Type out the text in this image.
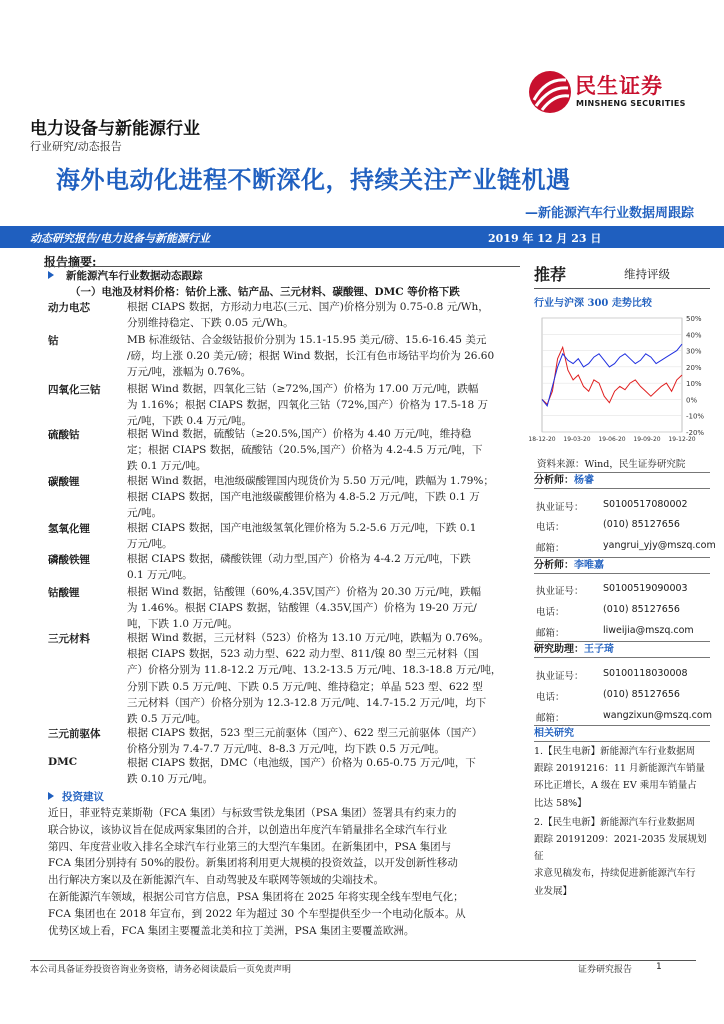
电力设备与新能源行业
行业研究/动态报告
民生证券
MINSHENG SECURITIES
海外电动化进程不断深化，持续关注产业链机遇
—新能源汽车行业数据周跟踪
动态研究报告/电力设备与新能源行业	2019 年 12 月 23 日
报告摘要:
新能源汽车行业数据动态跟踪
（一）电池及材料价格：钴价上涨、钴产品、三元材料、碳酸锂、DMC 等价格下跌
动力电芯	根据 CIAPS 数据，方形动力电芯(三元、国产)价格分别为 0.75-0.8 元/Wh，
分别维持稳定、下跌 0.05 元/Wh。
钴	MB 标准级钴、合金级钴报价分别为 15.1-15.95 美元/磅、15.6-16.45 美元
/磅，均上涨 0.20 美元/磅；根据 Wind 数据，长江有色市场钴平均价为 26.60
万元/吨，涨幅为 0.76%。
四氧化三钴	根据 Wind 数据，四氧化三钴（≥72%,国产）价格为 17.00 万元/吨，跌幅
为 1.16%；根据 CIAPS 数据，四氧化三钴（72%,国产）价格为 17.5-18 万
元/吨，下跌 0.4 万元/吨。
硫酸钴	根据 Wind 数据，硫酸钴（≥20.5%,国产）价格为 4.40 万元/吨，维持稳
定；根据 CIAPS 数据，硫酸钴（20.5%,国产）价格为 4.2-4.5 万元/吨，下
跌 0.1 万元/吨。
碳酸锂	根据 Wind 数据，电池级碳酸锂国内现货价为 5.50 万元/吨，跌幅为 1.79%；
根据 CIAPS 数据，国产电池级碳酸锂价格为 4.8-5.2 万元/吨，下跌 0.1 万
元/吨。
氢氧化锂	根据 CIAPS 数据，国产电池级氢氧化锂价格为 5.2-5.6 万元/吨，下跌 0.1
万元/吨。
磷酸铁锂	根据 CIAPS 数据，磷酸铁锂（动力型,国产）价格为 4-4.2 万元/吨，下跌
0.1 万元/吨。
钴酸锂	根据 Wind 数据，钴酸锂（60%,4.35V,国产）价格为 20.30 万元/吨，跌幅
为 1.46%。根据 CIAPS 数据，钴酸锂（4.35V,国产）价格为 19-20 万元/
吨，下跌 1.0 万元/吨。
三元材料	根据 Wind 数据，三元材料（523）价格为 13.10 万元/吨，跌幅为 0.76%。
根据 CIAPS 数据，523 动力型、622 动力型、811/镍 80 型三元材料（国
产）价格分别为 11.8-12.2 万元/吨、13.2-13.5 万元/吨、18.3-18.8 万元/吨，
分别下跌 0.5 万元/吨、下跌 0.5 万元/吨、维持稳定；单晶 523 型、622 型
三元材料（国产）价格分别为 12.3-12.8 万元/吨、14.7-15.2 万元/吨，均下
跌 0.5 万元/吨。
三元前驱体	根据 CIAPS 数据，523 型三元前驱体（国产）、622 型三元前驱体（国产）
价格分别为 7.4-7.7 万元/吨、8-8.3 万元/吨，均下跌 0.5 万元/吨。
DMC	根据 CIAPS 数据，DMC（电池级，国产）价格为 0.65-0.75 万元/吨，下
跌 0.10 万元/吨。
投资建议

近日，菲亚特克莱斯勒（FCA 集团）与标致雪铁龙集团（PSA 集团）签署具有约束力的

联合协议，该协议旨在促成两家集团的合并，以创造出年度汽车销量排名全球汽车行业

第四、年度营业收入排名全球汽车行业第三的大型汽车集团。在新集团中，PSA 集团与

FCA 集团分别持有 50%的股份。新集团将利用更大规模的投资效益，以开发创新性移动

出行解决方案以及在新能源汽车、自动驾驶及车联网等领域的尖端技术。

在新能源汽车领域，根据公司官方信息，PSA 集团将在 2025 年将实现全线车型电气化；

FCA 集团也在 2018 年宣布，到 2022 年为超过 30 个车型提供至少一个电动化版本。从

优势区域上看，FCA 集团主要覆盖北美和拉丁美洲，PSA 集团主要覆盖欧洲。

推荐	维持评级
行业与沪深 300 走势比较
50%
40%
30%
20%
10%
0%
-10%
-20%
18-12-20 19-03-20 19-06-20 19-09-20 19-12-20
资料来源：Wind，民生证券研究院
分析师：杨睿
执业证号： S0100517080002
电话：	(010) 85127656
邮箱：	yangrui_yjy@mszq.com
分析师：李唯嘉
执业证号： S0100519090003
电话：	(010) 85127656
邮箱：	liweijia@mszq.com
研究助理：王子琦
执业证号： S0100118030008
电话：	(010) 85127656
邮箱：	wangzixun@mszq.com
相关研究

1.【民生电新】新能源汽车行业数据周
跟踪 20191216：11 月新能源汽车销量
环比正增长，A 级在 EV 乘用车销量占
比达 58%】

2.【民生电新】新能源汽车行业数据周
跟踪 20191209：2021-2035 发展规划征
求意见稿发布，持续促进新能源汽车行
业发展】

本公司具备证券投资咨询业务资格，请务必阅读最后一页免责声明	证券研究报告	1
